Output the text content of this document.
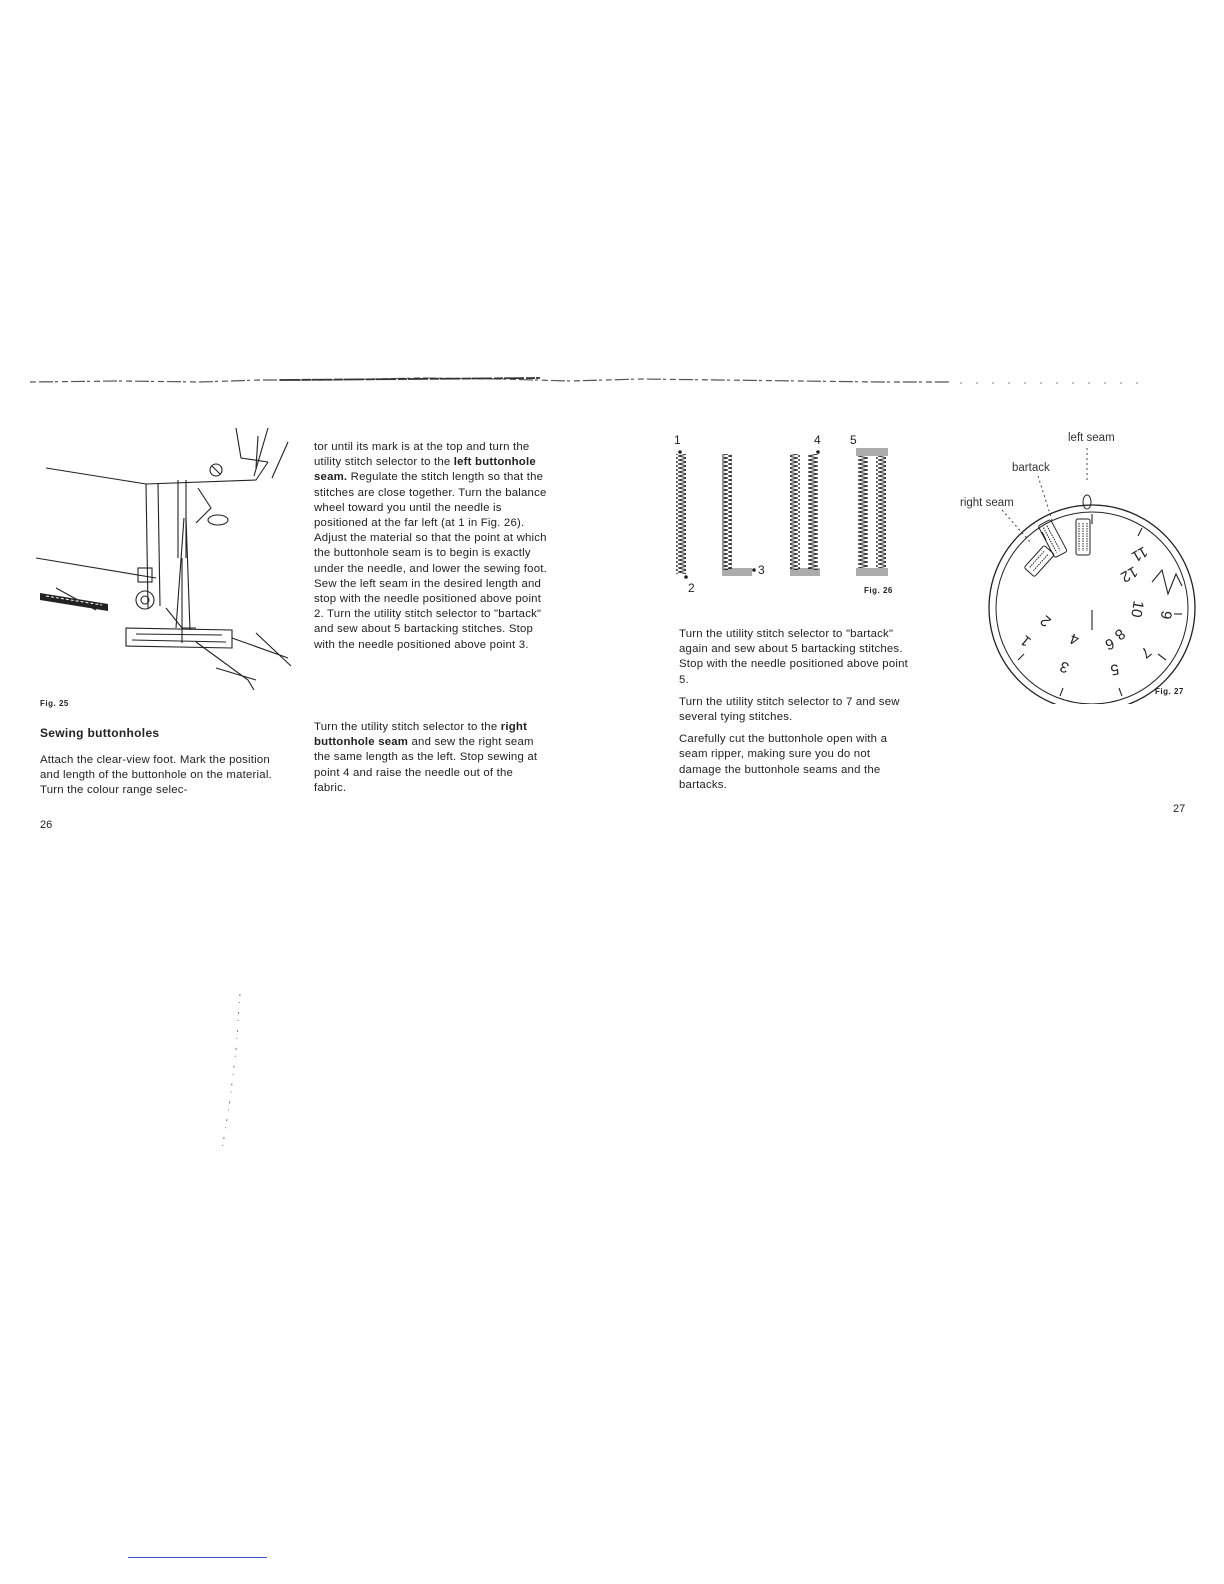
Fig. 25
Sewing buttonholes
Attach the clear-view foot. Mark the position and length of the buttonhole on the material. Turn the colour range selec-
26

tor until its mark is at the top and turn the utility stitch selector to the left buttonhole seam. Regulate the stitch length so that the stitches are close together. Turn the balance wheel toward you until the needle is positioned at the far left (at 1 in Fig. 26). Adjust the material so that the point at which the buttonhole seam is to begin is exactly under the needle, and lower the sewing foot. Sew the left seam in the desired length and stop with the needle positioned above point 2. Turn the utility stitch selector to "bartack" and sew about 5 bartacking stitches. Stop with the needle positioned above point 3.

Turn the utility stitch selector to the right buttonhole seam and sew the right seam the same length as the left. Stop sewing at point 4 and raise the needle out of the fabric.

1
2
3
4 5
Fig. 26

Turn the utility stitch selector to "bartack" again and sew about 5 bartacking stitches. Stop with the needle positioned above point 5.

Turn the utility stitch selector to 7 and sew several tying stitches.

Carefully cut the buttonhole open with a seam ripper, making sure you do not damage the buttonhole seams and the bartacks.

left seam
bartack
right seam
11
12
10 9
8
7
6
5
4
3
2
1
Fig. 27
27
